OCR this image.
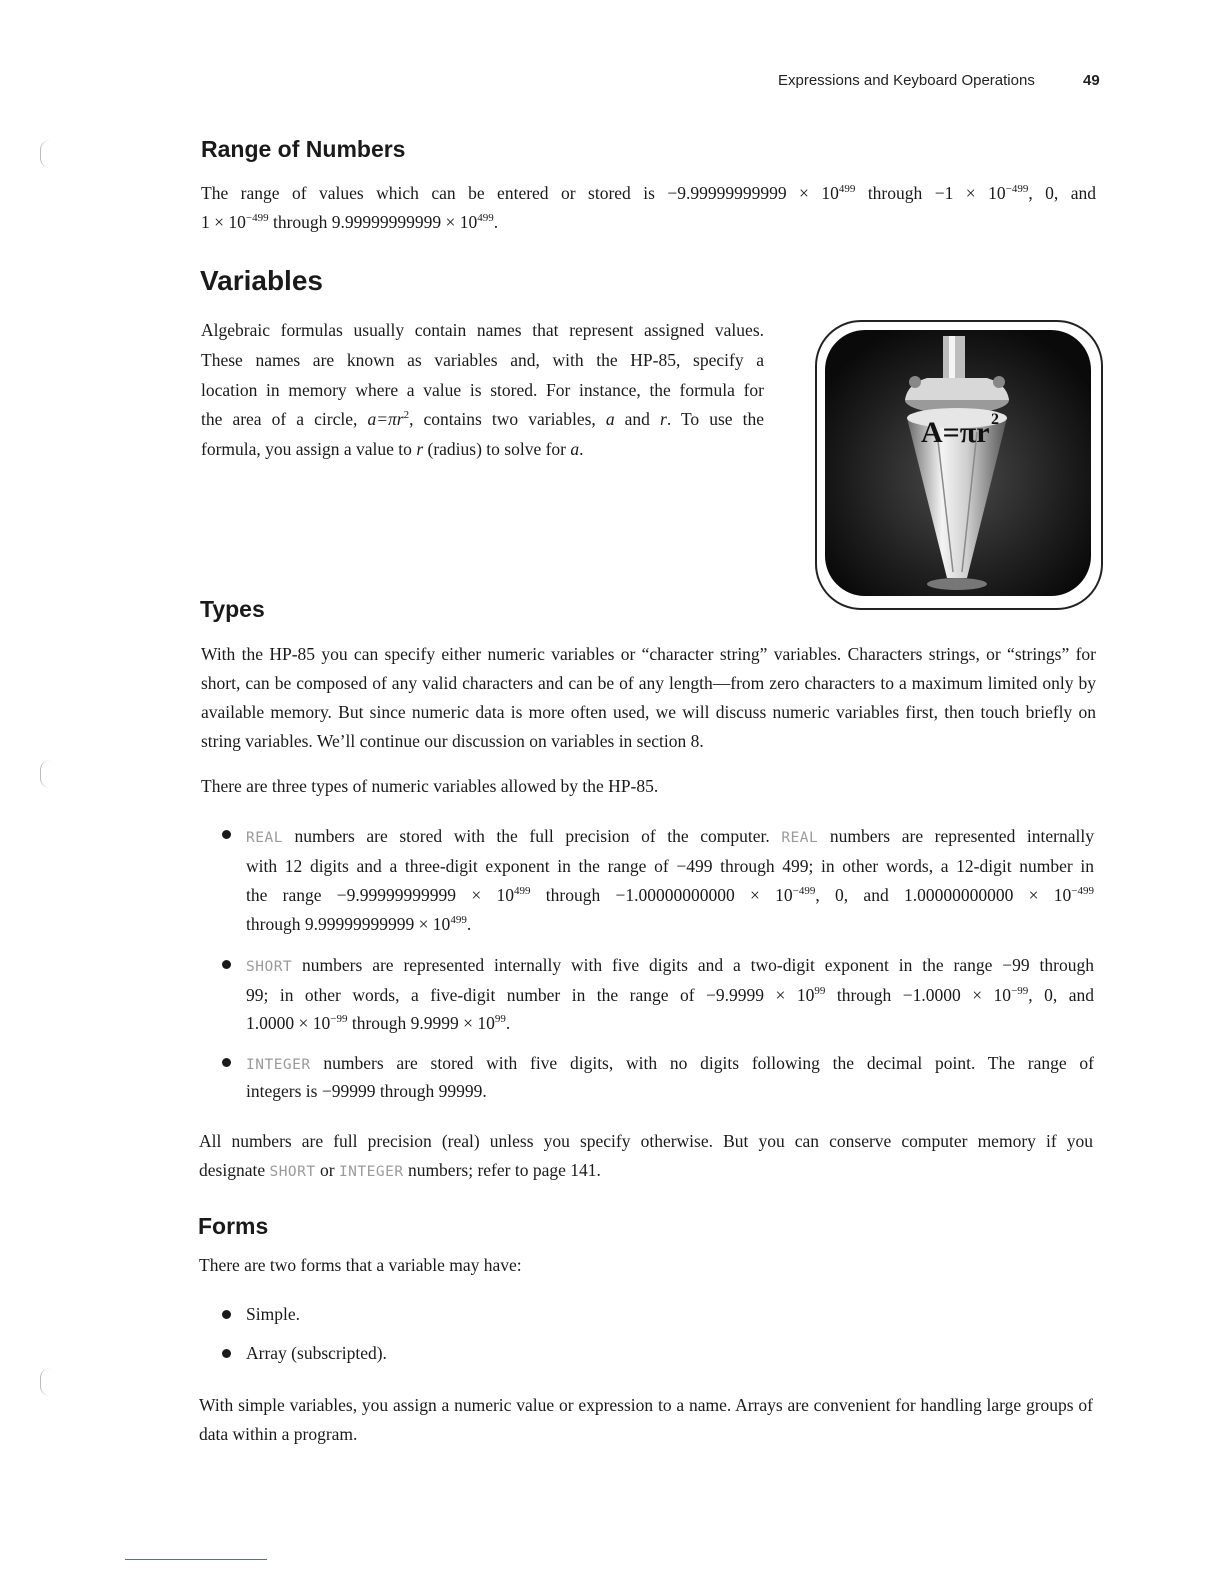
Expressions and Keyboard Operations	49
Range of Numbers
The range of values which can be entered or stored is $-9.99999999999 \times 10^{499}$ through $-1 \times 10^{-499}$, 0, and
$1 \times 10^{-499}$ through $9.99999999999 \times 10^{499}$.
Variables
Algebraic formulas usually contain names that represent assigned values.
These names are known as variables and, with the HP-85, specify a
location in memory where a value is stored. For instance, the formula for
the area of a circle, $a=\pi r^2$, contains two variables, a and r. To use the
formula, you assign a value to r (radius) to solve for a.	A=πr 2
Types
With the HP-85 you can specify either numeric variables or “character string” variables. Characters strings, or “strings” for short, can be composed of any valid characters and can be of any length—from zero characters to a maximum limited only by available memory. But since numeric data is more often used, we will discuss numeric variables first, then touch briefly on string variables. We’ll continue our discussion on variables in section 8.
There are three types of numeric variables allowed by the HP-85.
REAL numbers are stored with the full precision of the computer. REAL numbers are represented internally
with 12 digits and a three-digit exponent in the range of −499 through 499; in other words, a 12-digit number in
the range $-9.99999999999 \times 10^{499}$ through $-1.00000000000 \times 10^{-499}$, 0, and $1.00000000000 \times 10^{-499}$
through $9.99999999999 \times 10^{499}$.
SHORT numbers are represented internally with five digits and a two-digit exponent in the range −99 through
99; in other words, a five-digit number in the range of $-9.9999 \times 10^{99}$ through $-1.0000 \times 10^{-99}$, 0, and
$1.0000 \times 10^{-99}$ through $9.9999 \times 10^{99}$.
INTEGER numbers are stored with five digits, with no digits following the decimal point. The range of
integers is −99999 through 99999.
All numbers are full precision (real) unless you specify otherwise. But you can conserve computer memory if you
designate SHORT or INTEGER numbers; refer to page 141.
Forms
There are two forms that a variable may have:
Simple.
Array (subscripted).
With simple variables, you assign a numeric value or expression to a name. Arrays are convenient for handling large groups of data within a program.
